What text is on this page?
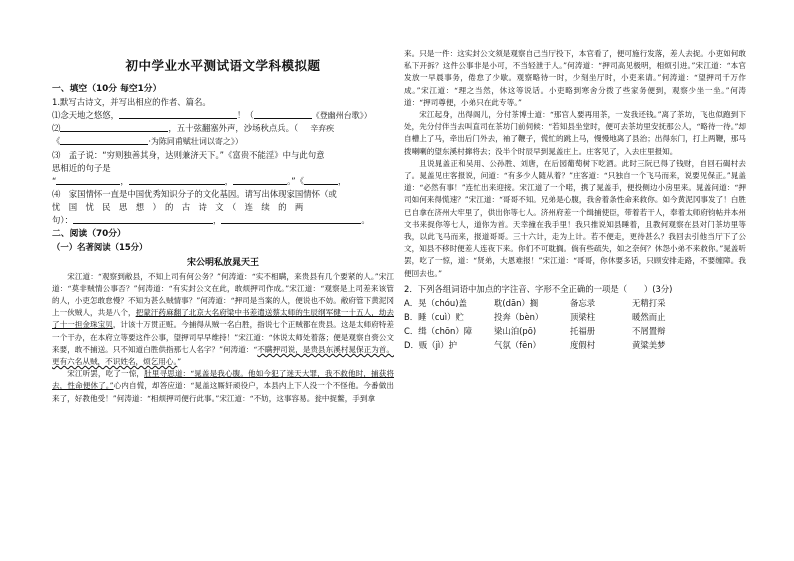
初中学业水平测试语文学科模拟题
一、填空（10分 每空1分）
1.默写古诗文，并写出相应的作者、篇名。
⑴念天地之悠悠，	！（	《登幽州台歌》）
⑵	，五十弦翻塞外声，沙场秋点兵。（ 辛弃疾
《	·为陈同甫赋壮词以寄之》）
⑶　孟子说：“穷则独善其身，达则兼济天下。”《富贵不能淫》中与此句意
思相近的句子是
“	，	，	。”《	，
⑷　家国情怀一直是中国优秀知识分子的文化基因。请写出体现家国情怀（或
忧　国　忧　民　思　想　）　的　古　诗　文　（　连　续　的　两
句）：	，	。
二、阅读（70分）
（一）名著阅读（15分）
宋公明私放晁天王

宋江道：“观察到敝县，不知上司有何公务？”何涛道：“实不相瞒，来贵县有几个要紧的人。”宋江道：“莫非贼情公事否？”何涛道：“有实封公文在此，敢烦押司作成。”宋江道：“观察是上司差来该管的人，小吏怎敢怠慢？不知为甚么贼情事？”何涛道：“押司是当案的人，便说也不妨。敝府管下黄泥冈上一伙贼人，共是八个，把蒙汗药麻翻了北京大名府梁中书差遣送蔡太师的生辰纲军健一十五人，劫去了十一担金珠宝贝，计该十万贯正赃。今捕得从贼一名白胜，指说七个正贼都在贵县。这是太师府特差一个干办，在本府立等要这件公事，望押司早早维持！”宋江道：“休说太师处着落；便是观察自赍公文来要，敢不捕送。只不知道白胜供指那七人名字？”何涛道：“不瞒押司说，是贵县东溪村晁保正为首。更有六名从贼，不识姓名，烦乞用心。”

宋江听罢，吃了一惊，肚里寻思道：“晁盖是我心腹。他如今犯了迷天大罪，我不救他时，捕获将去，性命便休了。”心内自慌，却答应道：“晁盖这厮奸顽役户，本县内上下人没一个不怪他。今番做出来了，好教他受！”何涛道：“相烦押司便行此事。”宋江道：“不妨，这事容易。瓮中捉鳖，手到拿

来。只是一件：这实封公文须是观察自己当厅投下，本官看了，便可施行发落，差人去捉。小吏如何敢私下开拆？这件公事非是小可，不当轻泄于人。”何涛道：“押司高见极明，相烦引进。”宋江道：“本官发放一早晨事务，倦怠了少歇。观察略待一时，少刻坐厅时，小吏来请。”何涛道：“望押司千万作成。”宋江道：“理之当然，休这等说话。小吏略到寒舍分拨了些家务便到，观察少坐一坐。”何涛道：“押司尊便，小弟只在此专等。”

宋江起身，出得阁儿，分付茶博士道：“那官人要再用茶，一发我还钱。”离了茶坊，飞也似跑到下处，先分付伴当去叫直司在茶坊门前伺候：“若知县坐堂时，便可去茶坊里安抚那公人，“略待一待。”却自槽上了马，牵出后门外去，袖了鞭子，慌忙的跳上马，慢慢地离了县治；出得东门，打上两鞭，那马拨喇喇的望东溪村撺将去；没半个时辰早到晁盖庄上。庄客见了，入去庄里报知。

且说晁盖正和吴用、公孙胜、刘唐，在后园葡萄树下吃酒。此时三阮已得了钱财，自回石碣村去了。晁盖见庄客报说，问道：“有多少人随从着？”庄客道：“只独自一个飞马而来，说要见保正。”晁盖道：“必然有事！”连忙出来迎接。宋江道了一个喏，携了晁盖手，便投侧边小房里来。晁盖问道：“押司如何来得慌速？”宋江道：“哥哥不知。兄弟是心腹，我舍着条性命来救你。如今黄泥冈事发了！白胜已自拿在济州大牢里了，供出你等七人。济州府差一个缉捕使臣，带着若干人，奉着太师府钧帖并本州文书来捉你等七人，道你为首。天幸撞在我手里！我只推说知县睡着，且教何观察在县对门茶坊里等我，以此飞马而来，报道哥哥。三十六计，走为上计。若不便走，更待甚么？我回去引他当厅下了公文，知县不移时便差人连夜下来。你们不可耽搁。倘有些疏失，如之奈何？休怨小弟不来救你。”晁盖听罢，吃了一惊，道：“贤弟，大恩难报！”宋江道：“哥哥，你休要多话，只顾安排走路，不要缠障。我便回去也。”

2．下列各组词语中加点的字注音、字形不全正确的一项是（　　）(3分)
A．晃（chóu)盖	耽(dān）搁	备忘录	无精打采
B．睡（cuì）贮	投奔（bèn）	顶梁柱	暖然而止
C．缉（chōn）障	梁山泊(pō)	托福册	不屑置辩
D．贩（jì）护	气氛（fēn）	度假村	黄粱美梦
